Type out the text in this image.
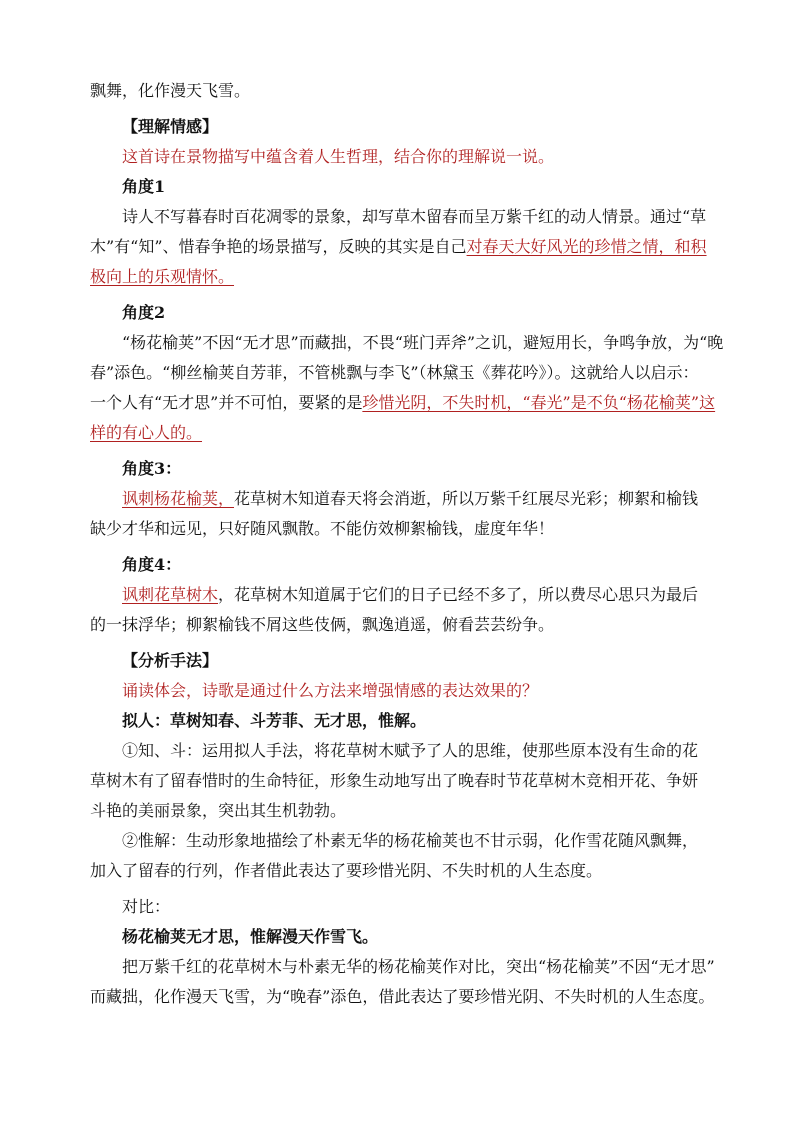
飘舞，化作漫天飞雪。

【理解情感】

这首诗在景物描写中蕴含着人生哲理，结合你的理解说一说。

角度1

诗人不写暮春时百花凋零的景象，却写草木留春而呈万紫千红的动人情景。通过“草

木”有“知”、惜春争艳的场景描写，反映的其实是自己对春天大好风光的珍惜之情，和积

极向上的乐观情怀。

角度2

“杨花榆荚”不因“无才思”而藏拙，不畏“班门弄斧”之讥，避短用长，争鸣争放，为“晚

春”添色。“柳丝榆荚自芳菲，不管桃飘与李飞”（林黛玉《葬花吟》）。这就给人以启示：

一个人有“无才思”并不可怕，要紧的是珍惜光阴，不失时机，“春光”是不负“杨花榆荚”这

样的有心人的。

角度3：

讽刺杨花榆荚，花草树木知道春天将会消逝，所以万紫千红展尽光彩；柳絮和榆钱

缺少才华和远见，只好随风飘散。不能仿效柳絮榆钱，虚度年华！

角度4：

讽刺花草树木，花草树木知道属于它们的日子已经不多了，所以费尽心思只为最后

的一抹浮华；柳絮榆钱不屑这些伎俩，飘逸逍遥，俯看芸芸纷争。

【分析手法】

诵读体会，诗歌是通过什么方法来增强情感的表达效果的？

拟人：草树知春、斗芳菲、无才思，惟解。

①知、斗：运用拟人手法，将花草树木赋予了人的思维，使那些原本没有生命的花

草树木有了留春惜时的生命特征，形象生动地写出了晚春时节花草树木竞相开花、争妍

斗艳的美丽景象，突出其生机勃勃。

②惟解：生动形象地描绘了朴素无华的杨花榆荚也不甘示弱，化作雪花随风飘舞，

加入了留春的行列，作者借此表达了要珍惜光阴、不失时机的人生态度。

对比：

杨花榆荚无才思，惟解漫天作雪飞。

把万紫千红的花草树木与朴素无华的杨花榆荚作对比，突出“杨花榆荚”不因“无才思”

而藏拙，化作漫天飞雪，为“晚春”添色，借此表达了要珍惜光阴、不失时机的人生态度。
